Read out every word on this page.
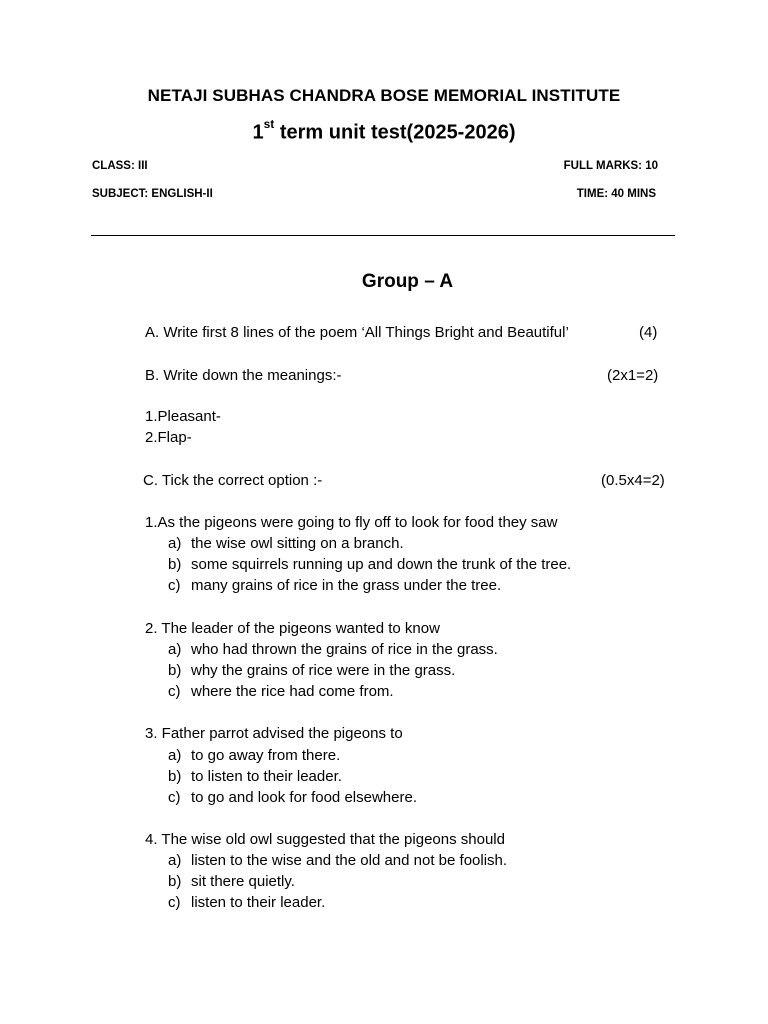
NETAJI SUBHAS CHANDRA BOSE MEMORIAL INSTITUTE
1st term unit test(2025-2026)
CLASS: III	FULL MARKS: 10
SUBJECT: ENGLISH-II	TIME: 40 MINS
Group – A
A. Write first 8 lines of the poem ‘All Things Bright and Beautiful’	(4)
B. Write down the meanings:-	(2x1=2)
1.Pleasant-
2.Flap-
C. Tick the correct option :-	(0.5x4=2)
1.As the pigeons were going to fly off to look for food they saw
a) the wise owl sitting on a branch.
b) some squirrels running up and down the trunk of the tree.
c) many grains of rice in the grass under the tree.
2. The leader of the pigeons wanted to know
a) who had thrown the grains of rice in the grass.
b) why the grains of rice were in the grass.
c) where the rice had come from.
3. Father parrot advised the pigeons to
a) to go away from there.
b) to listen to their leader.
c) to go and look for food elsewhere.
4. The wise old owl suggested that the pigeons should
a) listen to the wise and the old and not be foolish.
b) sit there quietly.
c) listen to their leader.
